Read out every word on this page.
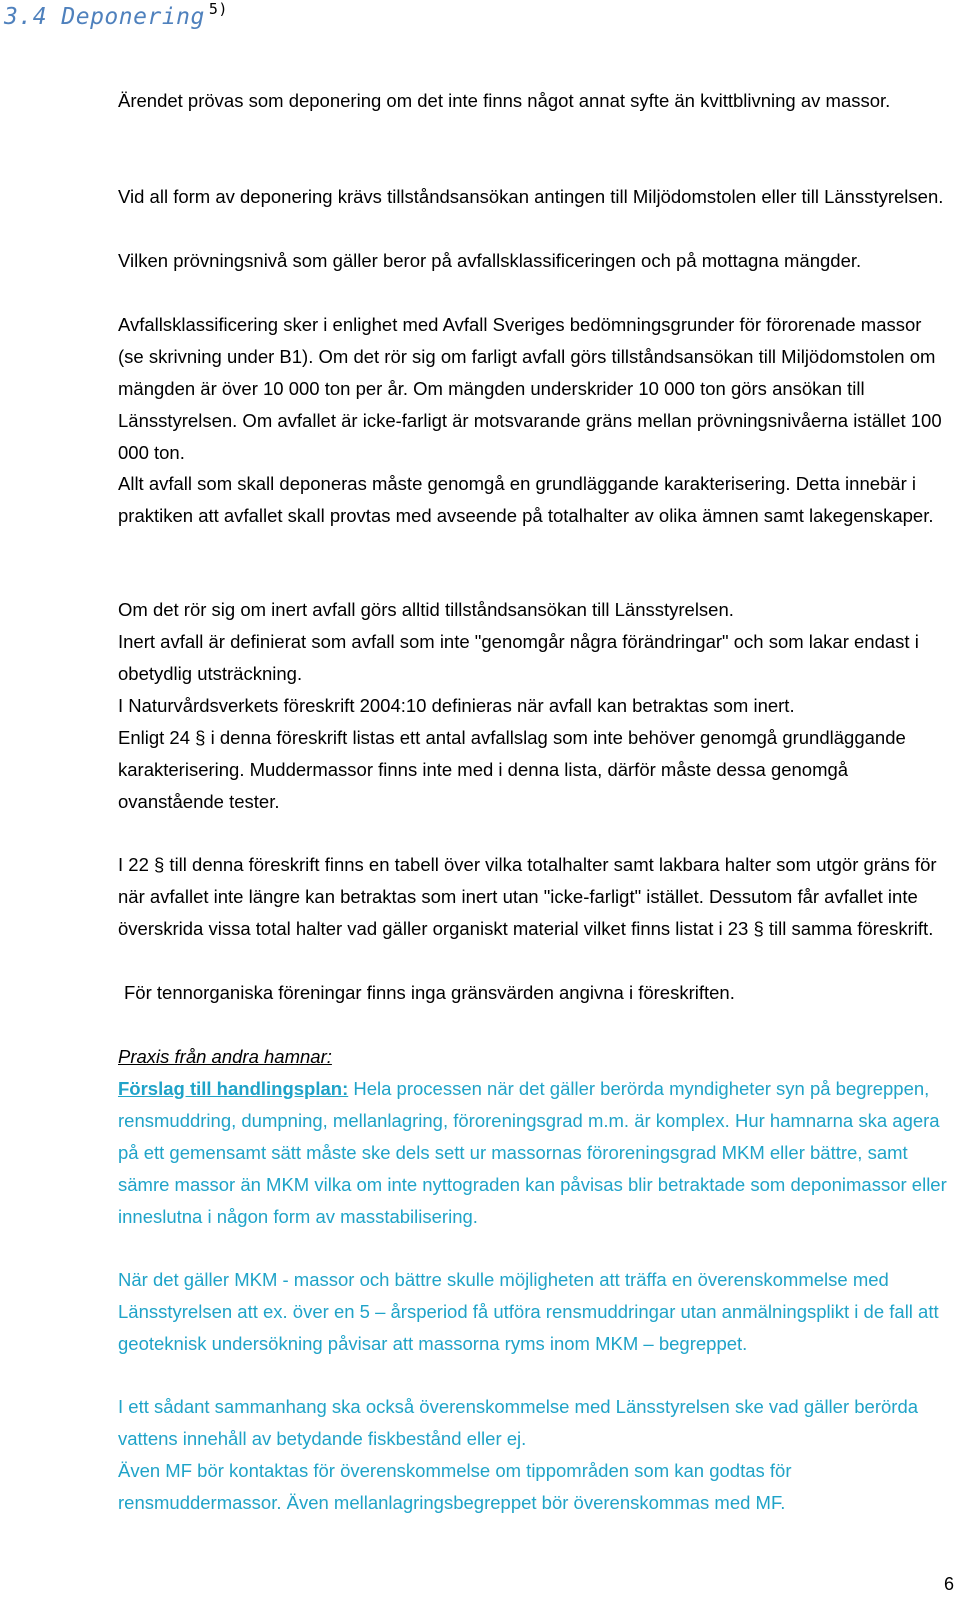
3.4 Deponering $^{5)}$

Ärendet prövas som deponering om det inte finns något annat syfte än kvittblivning av massor.

Vid all form av deponering krävs tillståndsansökan antingen till Miljödomstolen eller till Länsstyrelsen.

Vilken prövningsnivå som gäller beror på avfallsklassificeringen och på mottagna mängder.

Avfallsklassificering sker i enlighet med Avfall Sveriges bedömningsgrunder för förorenade massor (se skrivning under B1). Om det rör sig om farligt avfall görs tillståndsansökan till Miljödomstolen om mängden är över 10 000 ton per år. Om mängden underskrider 10 000 ton görs ansökan till Länsstyrelsen. Om avfallet är icke-farligt är motsvarande gräns mellan prövningsnivåerna istället 100 000 ton.

Allt avfall som skall deponeras måste genomgå en grundläggande karakterisering. Detta innebär i praktiken att avfallet skall provtas med avseende på totalhalter av olika ämnen samt lakegenskaper.

Om det rör sig om inert avfall görs alltid tillståndsansökan till Länsstyrelsen.

Inert avfall är definierat som avfall som inte "genomgår några förändringar" och som lakar endast i obetydlig utsträckning.

I Naturvårdsverkets föreskrift 2004:10 definieras när avfall kan betraktas som inert.

Enligt 24 § i denna föreskrift listas ett antal avfallslag som inte behöver genomgå grundläggande karakterisering. Muddermassor finns inte med i denna lista, därför måste dessa genomgå ovanstående tester.

I 22 § till denna föreskrift finns en tabell över vilka totalhalter samt lakbara halter som utgör gräns för när avfallet inte längre kan betraktas som inert utan "icke-farligt" istället. Dessutom får avfallet inte överskrida vissa total halter vad gäller organiskt material vilket finns listat i 23 § till samma föreskrift.

För tennorganiska föreningar finns inga gränsvärden angivna i föreskriften.

Praxis från andra hamnar:

Förslag till handlingsplan: Hela processen när det gäller berörda myndigheter syn på begreppen, rensmuddring, dumpning, mellanlagring, föroreningsgrad m.m. är komplex. Hur hamnarna ska agera på ett gemensamt sätt måste ske dels sett ur massornas föroreningsgrad MKM eller bättre, samt sämre massor än MKM vilka om inte nyttograden kan påvisas blir betraktade som deponimassor eller inneslutna i någon form av masstabilisering.

När det gäller MKM - massor och bättre skulle möjligheten att träffa en överenskommelse med Länsstyrelsen att ex. över en 5 – årsperiod få utföra rensmuddringar utan anmälningsplikt i de fall att geoteknisk undersökning påvisar att massorna ryms inom MKM – begreppet.

I ett sådant sammanhang ska också överenskommelse med Länsstyrelsen ske vad gäller berörda vattens innehåll av betydande fiskbestånd eller ej.

Även MF bör kontaktas för överenskommelse om tippområden som kan godtas för rensmuddermassor. Även mellanlagringsbegreppet bör överenskommas med MF.

6
